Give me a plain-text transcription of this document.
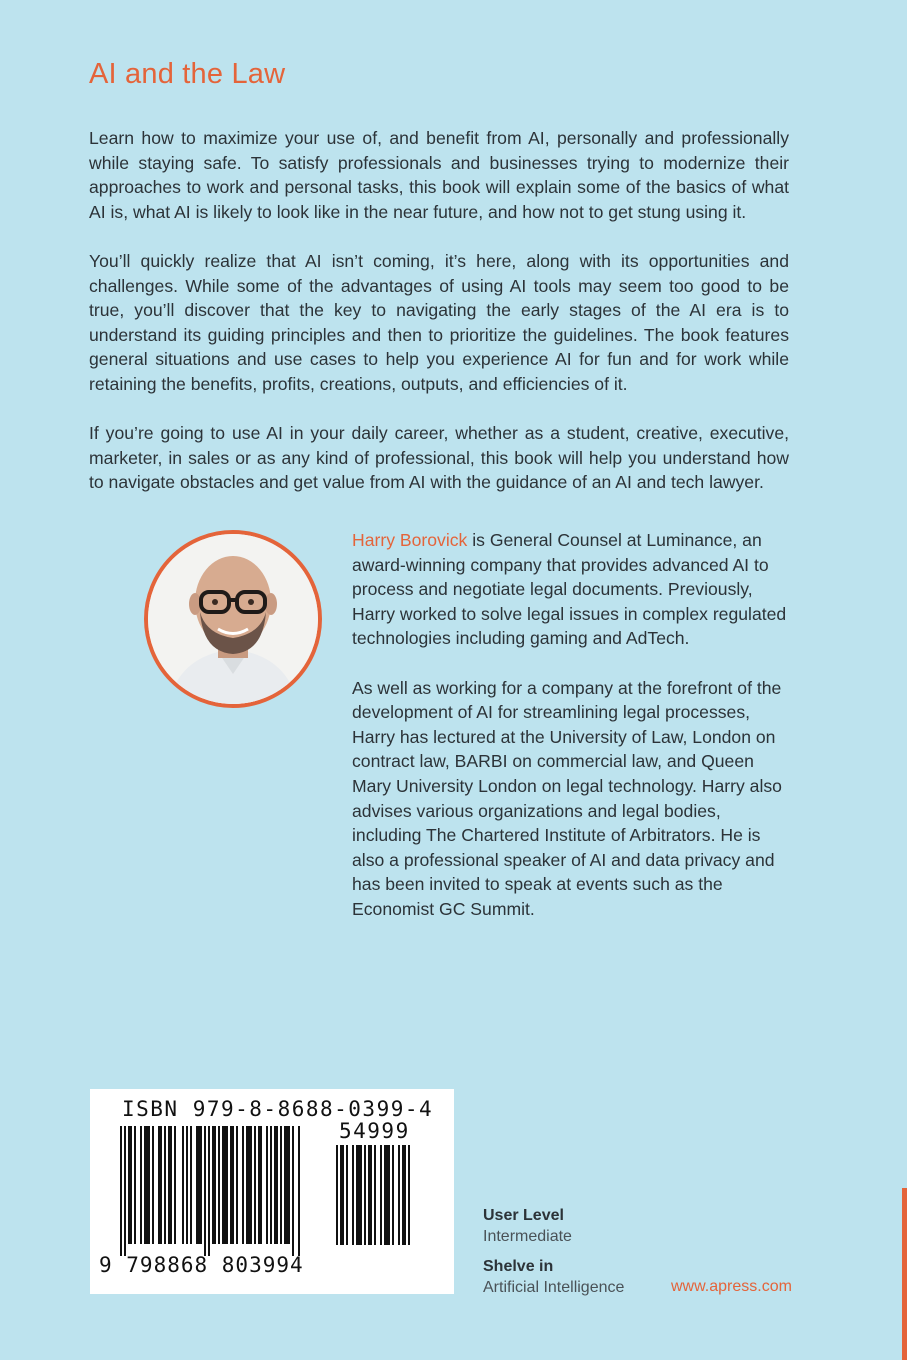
AI and the Law

Learn how to maximize your use of, and benefit from AI, personally and professionally while staying safe. To satisfy professionals and businesses trying to modernize their approaches to work and personal tasks, this book will explain some of the basics of what AI is, what AI is likely to look like in the near future, and how not to get stung using it.

You’ll quickly realize that AI isn’t coming, it’s here, along with its opportunities and challenges. While some of the advantages of using AI tools may seem too good to be true, you’ll discover that the key to navigating the early stages of the AI era is to understand its guiding principles and then to prioritize the guidelines. The book features general situations and use cases to help you experience AI for fun and for work while retaining the benefits, profits, creations, outputs, and efficiencies of it.

If you’re going to use AI in your daily career, whether as a student, creative, executive, marketer, in sales or as any kind of professional, this book will help you understand how to navigate obstacles and get value from AI with the guidance of an AI and tech lawyer.

Harry Borovick is General Counsel at Luminance, an award-winning company that provides advanced AI to process and negotiate legal documents. Previously, Harry worked to solve legal issues in complex regulated technologies including gaming and AdTech.

As well as working for a company at the forefront of the development of AI for streamlining legal processes, Harry has lectured at the University of Law, London on contract law, BARBI on commercial law, and Queen Mary University London on legal technology. Harry also advises various organizations and legal bodies, including The Chartered Institute of Arbitrators. He is also a professional speaker of AI and data privacy and has been invited to speak at events such as the Economist GC Summit.

ISBN 979-8-8688-0399-4
54999
9 798868 803994
User Level
Intermediate
Shelve in
Artificial Intelligence	www.apress.com
